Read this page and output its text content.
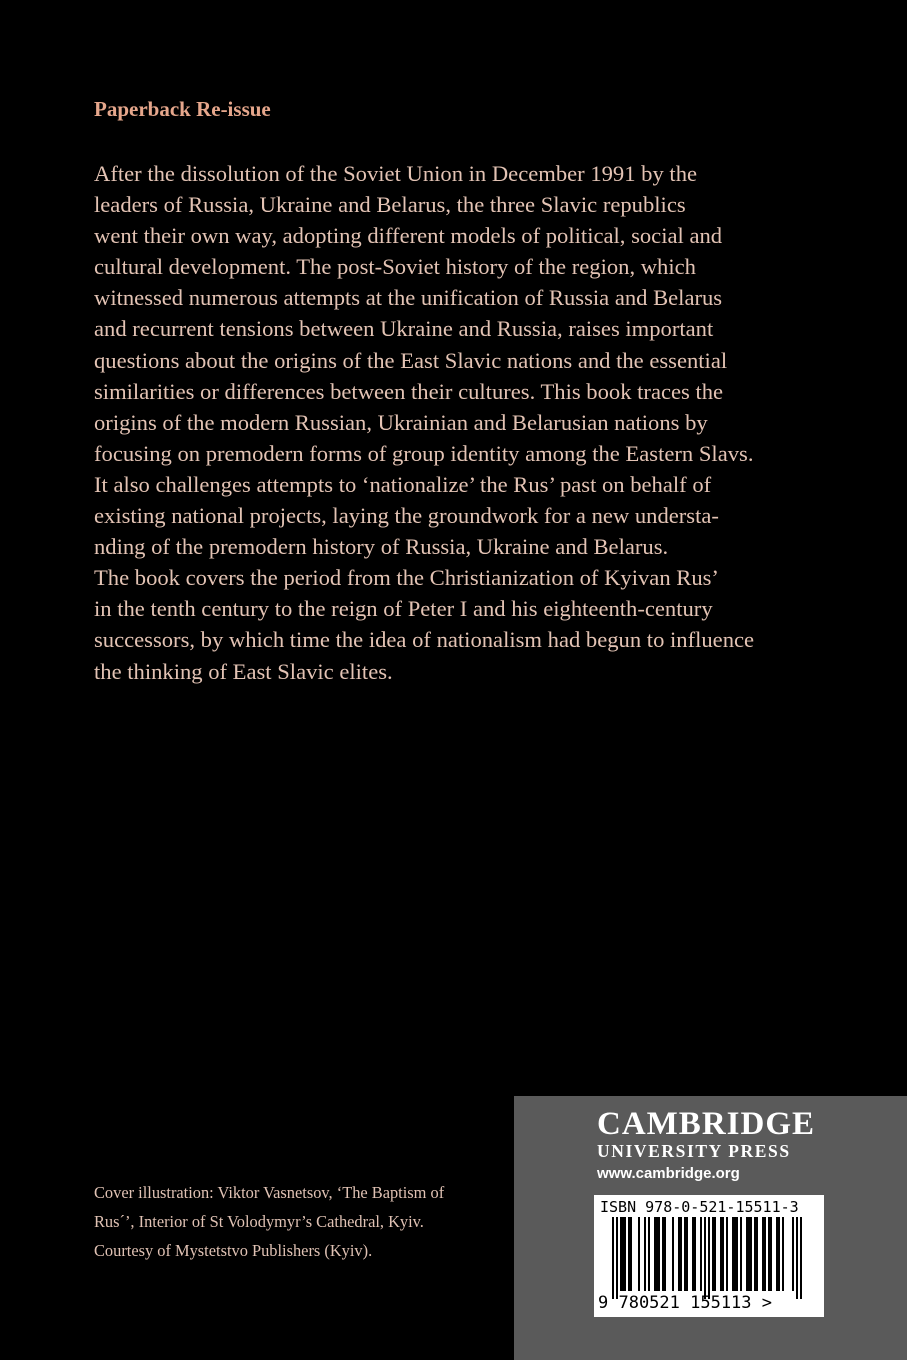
Paperback Re-issue
After the dissolution of the Soviet Union in December 1991 by the
leaders of Russia, Ukraine and Belarus, the three Slavic republics
went their own way, adopting different models of political, social and
cultural development. The post-Soviet history of the region, which
witnessed numerous attempts at the unification of Russia and Belarus
and recurrent tensions between Ukraine and Russia, raises important
questions about the origins of the East Slavic nations and the essential
similarities or differences between their cultures. This book traces the
origins of the modern Russian, Ukrainian and Belarusian nations by
focusing on premodern forms of group identity among the Eastern Slavs.
It also challenges attempts to ‘nationalize’ the Rus’ past on behalf of
existing national projects, laying the groundwork for a new understa-
nding of the premodern history of Russia, Ukraine and Belarus.
The book covers the period from the Christianization of Kyivan Rus’
in the tenth century to the reign of Peter I and his eighteenth-century
successors, by which time the idea of nationalism had begun to influence
the thinking of East Slavic elites.
Cover illustration: Viktor Vasnetsov, ‘The Baptism of
Rus´’, Interior of St Volodymyr’s Cathedral, Kyiv.
Courtesy of Mystetstvo Publishers (Kyiv).
CAMBRIDGE
UNIVERSITY PRESS
www.cambridge.org
ISBN 978-0-521-15511-3
9 780521 155113 >
